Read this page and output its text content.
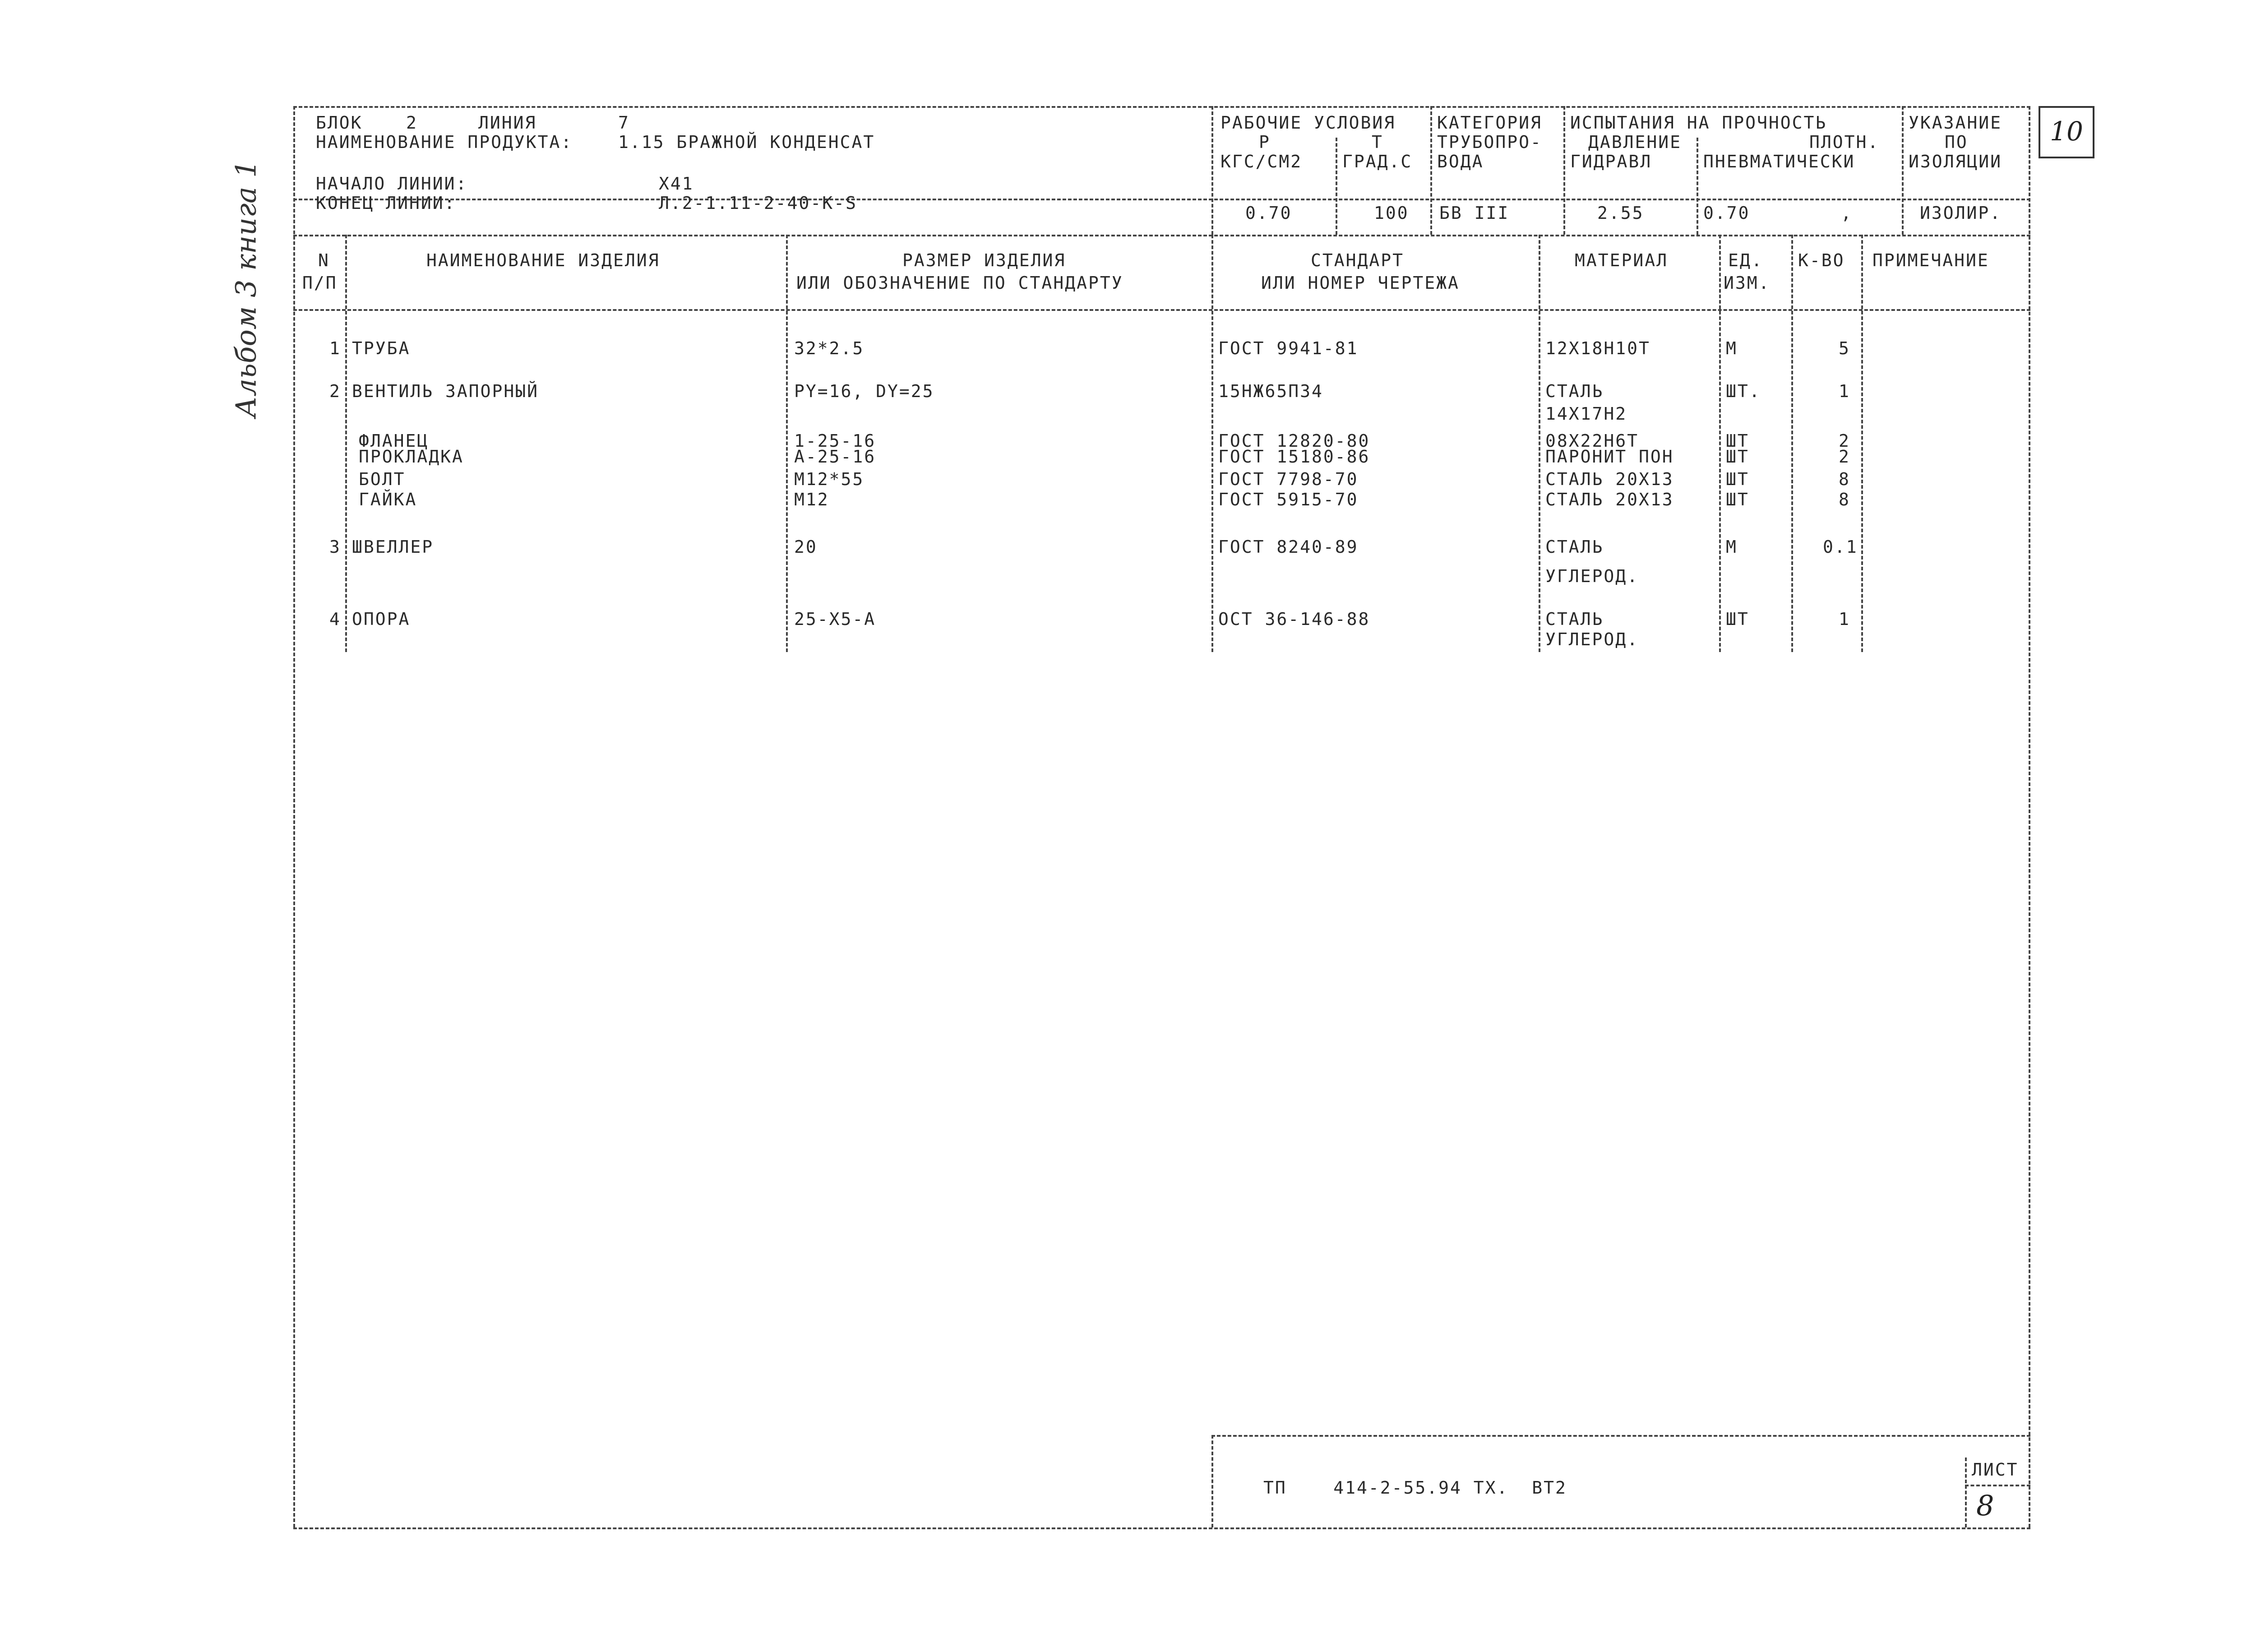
Альбом 3 книга 1
10
БЛОК	2	ЛИНИЯ	7
НАИМЕНОВАНИЕ ПРОДУКТА:	1.15 БРАЖНОЙ КОНДЕНСАТ
НАЧАЛО ЛИНИИ:	X41
КОНЕЦ ЛИНИИ:	Л.2-1.11-2-40-К-S
РАБОЧИЕ УСЛОВИЯ
Р	Т
КГС/СМ2 ГРАД.С
КАТЕГОРИЯ
ТРУБОПРО-
ВОДА
ИСПЫТАНИЯ НА ПРОЧНОСТЬ
ДАВЛЕНИЕ
ГИДРАВЛ
ПЛОТН.
ПНЕВМАТИЧЕСКИ
УКАЗАНИЕ
ПО
ИЗОЛЯЦИИ
0.70	100 БВ III	2.55	0.70	,	ИЗОЛИР.
N
П/П
НАИМЕНОВАНИЕ ИЗДЕЛИЯ	РАЗМЕР ИЗДЕЛИЯ
ИЛИ ОБОЗНАЧЕНИЕ ПО СТАНДАРТУ
СТАНДАРТ
ИЛИ НОМЕР ЧЕРТЕЖА
МАТЕРИАЛ	ЕД.
ИЗМ.
К-ВО ПРИМЕЧАНИЕ
1 ТРУБА	32*2.5	ГОСТ 9941-81	12Х18Н10Т	М	5
2 ВЕНТИЛЬ ЗАПОРНЫЙ	PY=16, DY=25	15НЖ65П34	СТАЛЬ	ШТ.	1
14Х17Н2
ФЛАНЕЦ	1-25-16	ГОСТ 12820-80	08Х22Н6Т	ШТ	2
ПРОКЛАДКА	А-25-16	ГОСТ 15180-86	ПАРОНИТ ПОН	ШТ	2
БОЛТ	М12*55	ГОСТ 7798-70	СТАЛЬ 20Х13	ШТ	8
ГАЙКА	М12	ГОСТ 5915-70	СТАЛЬ 20Х13	ШТ	8
3 ШВЕЛЛЕР	20	ГОСТ 8240-89	СТАЛЬ	М	0.1
УГЛЕРОД.
4 ОПОРА	25-Х5-А	ОСТ 36-146-88	СТАЛЬ	ШТ	1
УГЛЕРОД.
ТП    414-2-55.94 ТХ.  ВТ2
ЛИСТ
8
